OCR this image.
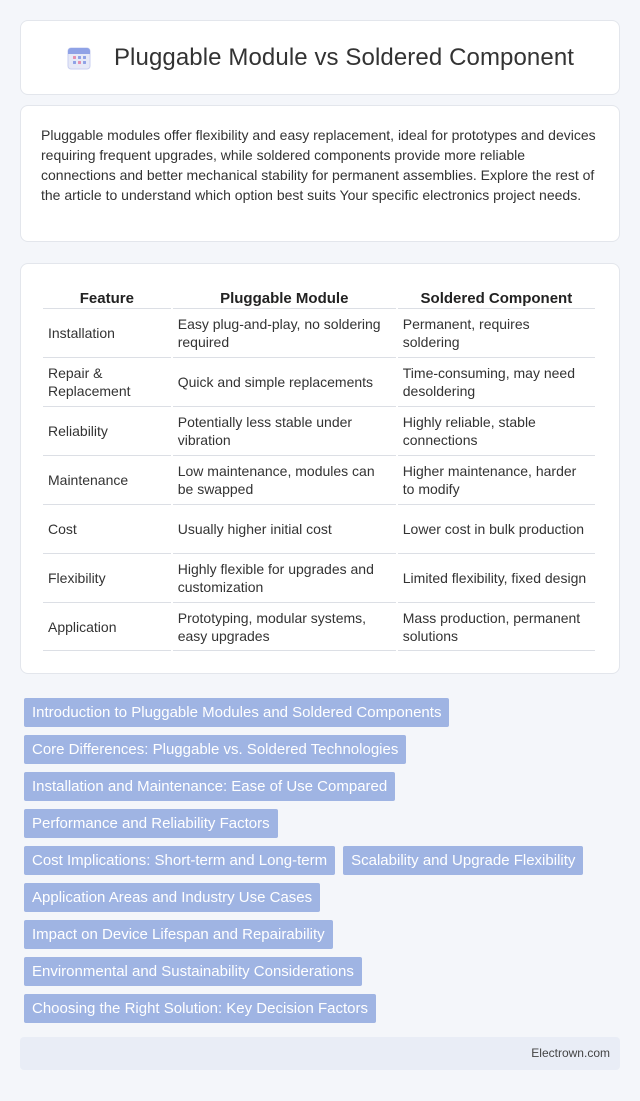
Pluggable Module vs Soldered Component

Pluggable modules offer flexibility and easy replacement, ideal for prototypes and devices requiring frequent upgrades, while soldered components provide more reliable connections and better mechanical stability for permanent assemblies. Explore the rest of the article to understand which option best suits Your specific electronics project needs.

Feature	Pluggable Module	Soldered Component
Installation	Easy plug-and-play, no soldering required	Permanent, requires soldering
Repair & Replacement	Quick and simple replacements	Time-consuming, may need desoldering
Reliability	Potentially less stable under vibration	Highly reliable, stable connections
Maintenance	Low maintenance, modules can be swapped	Higher maintenance, harder to modify
Cost	Usually higher initial cost	Lower cost in bulk production
Flexibility	Highly flexible for upgrades and customization	Limited flexibility, fixed design
Application	Prototyping, modular systems, easy upgrades	Mass production, permanent solutions
Introduction to Pluggable Modules and Soldered Components
Core Differences: Pluggable vs. Soldered Technologies
Installation and Maintenance: Ease of Use Compared
Performance and Reliability Factors
Cost Implications: Short-term and Long-term	Scalability and Upgrade Flexibility
Application Areas and Industry Use Cases
Impact on Device Lifespan and Repairability
Environmental and Sustainability Considerations
Choosing the Right Solution: Key Decision Factors
Electrown.com
